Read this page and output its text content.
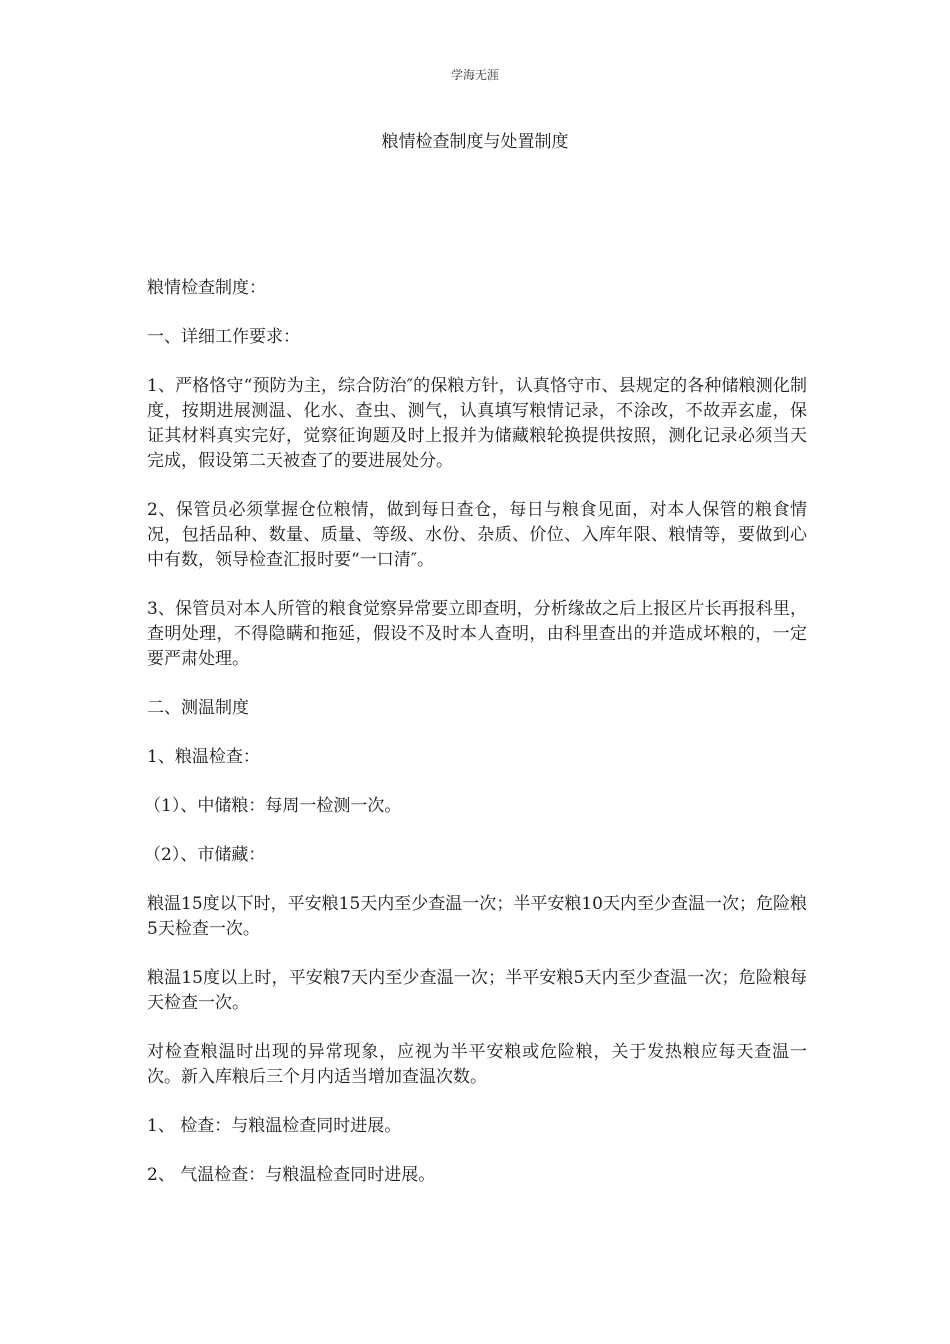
学海无涯
粮情检查制度与处置制度

粮情检查制度：

一、详细工作要求：

1、严格恪守“预防为主，综合防治″的保粮方针，认真恪守市、县规定的各种储粮测化制度，按期进展测温、化水、查虫、测气，认真填写粮情记录，不涂改，不故弄玄虚，保证其材料真实完好，觉察征询题及时上报并为储藏粮轮换提供按照，测化记录必须当天完成，假设第二天被查了的要进展处分。

2、保管员必须掌握仓位粮情，做到每日查仓，每日与粮食见面，对本人保管的粮食情况，包括品种、数量、质量、等级、水份、杂质、价位、入库年限、粮情等，要做到心中有数，领导检查汇报时要“一口清″。

3、保管员对本人所管的粮食觉察异常要立即查明，分析缘故之后上报区片长再报科里，查明处理，不得隐瞒和拖延，假设不及时本人查明，由科里查出的并造成坏粮的，一定要严肃处理。

二、测温制度

1、粮温检查：

（1）、中储粮：每周一检测一次。

（2）、市储藏：

粮温15度以下时，平安粮15天内至少查温一次；半平安粮10天内至少查温一次；危险粮5天检查一次。

粮温15度以上时，平安粮7天内至少查温一次；半平安粮5天内至少查温一次；危险粮每天检查一次。

对检查粮温时出现的异常现象，应视为半平安粮或危险粮，关于发热粮应每天查温一次。新入库粮后三个月内适当增加查温次数。

1、 检查：与粮温检查同时进展。

2、 气温检查：与粮温检查同时进展。
